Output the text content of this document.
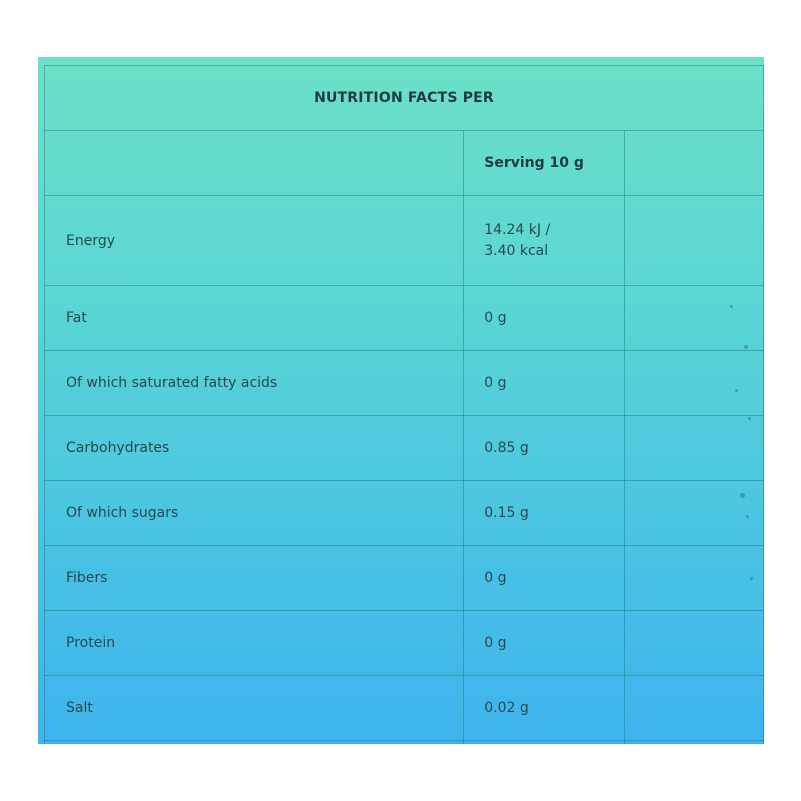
NUTRITION FACTS PER		
	Serving 10 g	
Energy	14.24 kJ /
3.40 kcal	

Fat	0 g	
Of which saturated fatty acids	0 g	
Carbohydrates	0.85 g	
Of which sugars	0.15 g	
Fibers	0 g	
Protein	0 g	
Salt	0.02 g	
